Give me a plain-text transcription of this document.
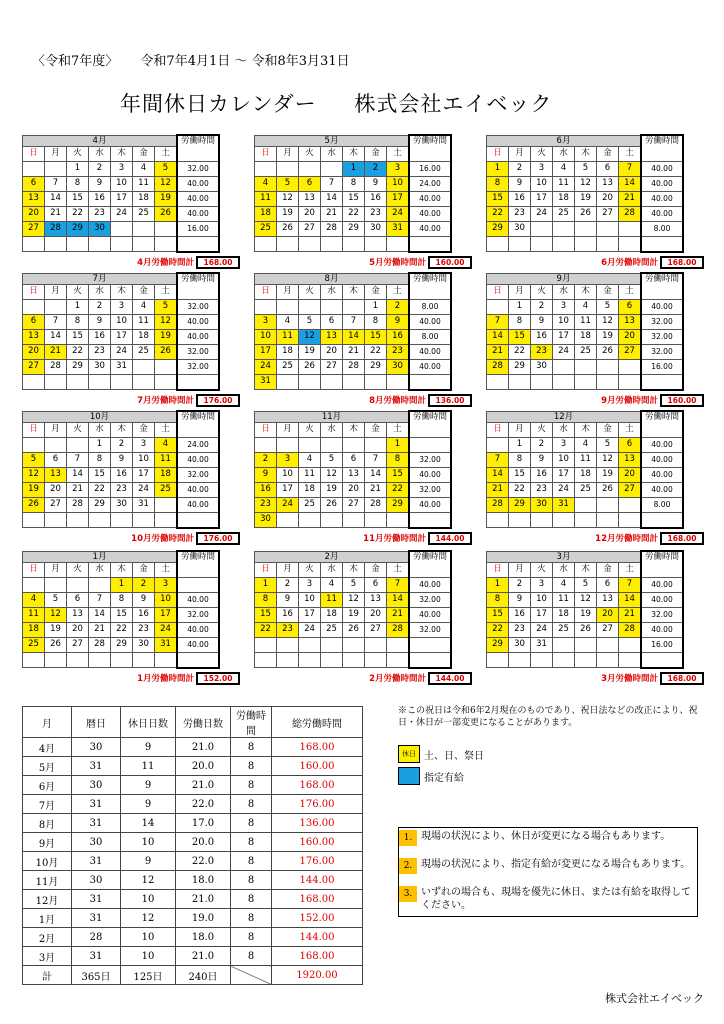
〈令和7年度〉 令和7年4月1日 ～ 令和8年3月31日
年間休日カレンダー 株式会社エイベック
4月							労働時間
日	月	火	水	木	金	土	
		1	2	3	4	5	32.00
6	7	8	9	10	11	12	40.00
13	14	15	16	17	18	19	40.00
20	21	22	23	24	25	26	40.00
27	28	29	30				16.00

4月労働時間計 168.00
5月							労働時間
日	月	火	水	木	金	土	
				1	2	3	16.00
4	5	6	7	8	9	10	24.00
11	12	13	14	15	16	17	40.00
18	19	20	21	22	23	24	40.00
25	26	27	28	29	30	31	40.00

5月労働時間計 160.00
6月							労働時間
日	月	火	水	木	金	土	
1	2	3	4	5	6	7	40.00
8	9	10	11	12	13	14	40.00
15	16	17	18	19	20	21	40.00
22	23	24	25	26	27	28	40.00
29	30						8.00

6月労働時間計 168.00
7月							労働時間
日	月	火	水	木	金	土	
		1	2	3	4	5	32.00
6	7	8	9	10	11	12	40.00
13	14	15	16	17	18	19	40.00
20	21	22	23	24	25	26	32.00
27	28	29	30	31			32.00

7月労働時間計 176.00
8月							労働時間
日	月	火	水	木	金	土	
					1	2	8.00
3	4	5	6	7	8	9	40.00
10	11	12	13	14	15	16	8.00
17	18	19	20	21	22	23	40.00
24	25	26	27	28	29	30	40.00
31							
8月労働時間計 136.00
9月							労働時間
日	月	火	水	木	金	土	
	1	2	3	4	5	6	40.00
7	8	9	10	11	12	13	32.00
14	15	16	17	18	19	20	32.00
21	22	23	24	25	26	27	32.00
28	29	30					16.00

9月労働時間計 160.00
10月							労働時間
日	月	火	水	木	金	土	
			1	2	3	4	24.00
5	6	7	8	9	10	11	40.00
12	13	14	15	16	17	18	32.00
19	20	21	22	23	24	25	40.00
26	27	28	29	30	31		40.00

10月労働時間計 176.00
11月							労働時間
日	月	火	水	木	金	土	
						1	
2	3	4	5	6	7	8	32.00
9	10	11	12	13	14	15	40.00
16	17	18	19	20	21	22	32.00
23	24	25	26	27	28	29	40.00
30							
11月労働時間計 144.00
12月							労働時間
日	月	火	水	木	金	土	
	1	2	3	4	5	6	40.00
7	8	9	10	11	12	13	40.00
14	15	16	17	18	19	20	40.00
21	22	23	24	25	26	27	40.00
28	29	30	31				8.00

12月労働時間計 168.00
1月							労働時間
日	月	火	水	木	金	土	
				1	2	3	
4	5	6	7	8	9	10	40.00
11	12	13	14	15	16	17	32.00
18	19	20	21	22	23	24	40.00
25	26	27	28	29	30	31	40.00

1月労働時間計 152.00
2月							労働時間
日	月	火	水	木	金	土	
1	2	3	4	5	6	7	40.00
8	9	10	11	12	13	14	32.00
15	16	17	18	19	20	21	40.00
22	23	24	25	26	27	28	32.00

2月労働時間計 144.00
3月							労働時間
日	月	火	水	木	金	土	
1	2	3	4	5	6	7	40.00
8	9	10	11	12	13	14	40.00
15	16	17	18	19	20	21	32.00
22	23	24	25	26	27	28	40.00
29	30	31					16.00

3月労働時間計 168.00
月	暦日	休日日数	労働日数	労働時間	総労働時間
4月	30	9	21.0	8	168.00
5月	31	11	20.0	8	160.00
6月	30	9	21.0	8	168.00
7月	31	9	22.0	8	176.00
8月	31	14	17.0	8	136.00
9月	30	10	20.0	8	160.00
10月	31	9	22.0	8	176.00
11月	30	12	18.0	8	144.00
12月	31	10	21.0	8	168.00
1月	31	12	19.0	8	152.00
2月	28	10	18.0	8	144.00
3月	31	10	21.0	8	168.00
計	365日	125日	240日		1920.00
※この祝日は令和6年2月現在のものであり、祝日法などの改正により、祝日・休日が一部変更になることがあります。
休日 土、日、祭日
指定有給
1. 現場の状況により、休日が変更になる場合もあります。
2. 現場の状況により、指定有給が変更になる場合もあります。
3. いずれの場合も、現場を優先に休日、または有給を取得してください。
株式会社エイベック
